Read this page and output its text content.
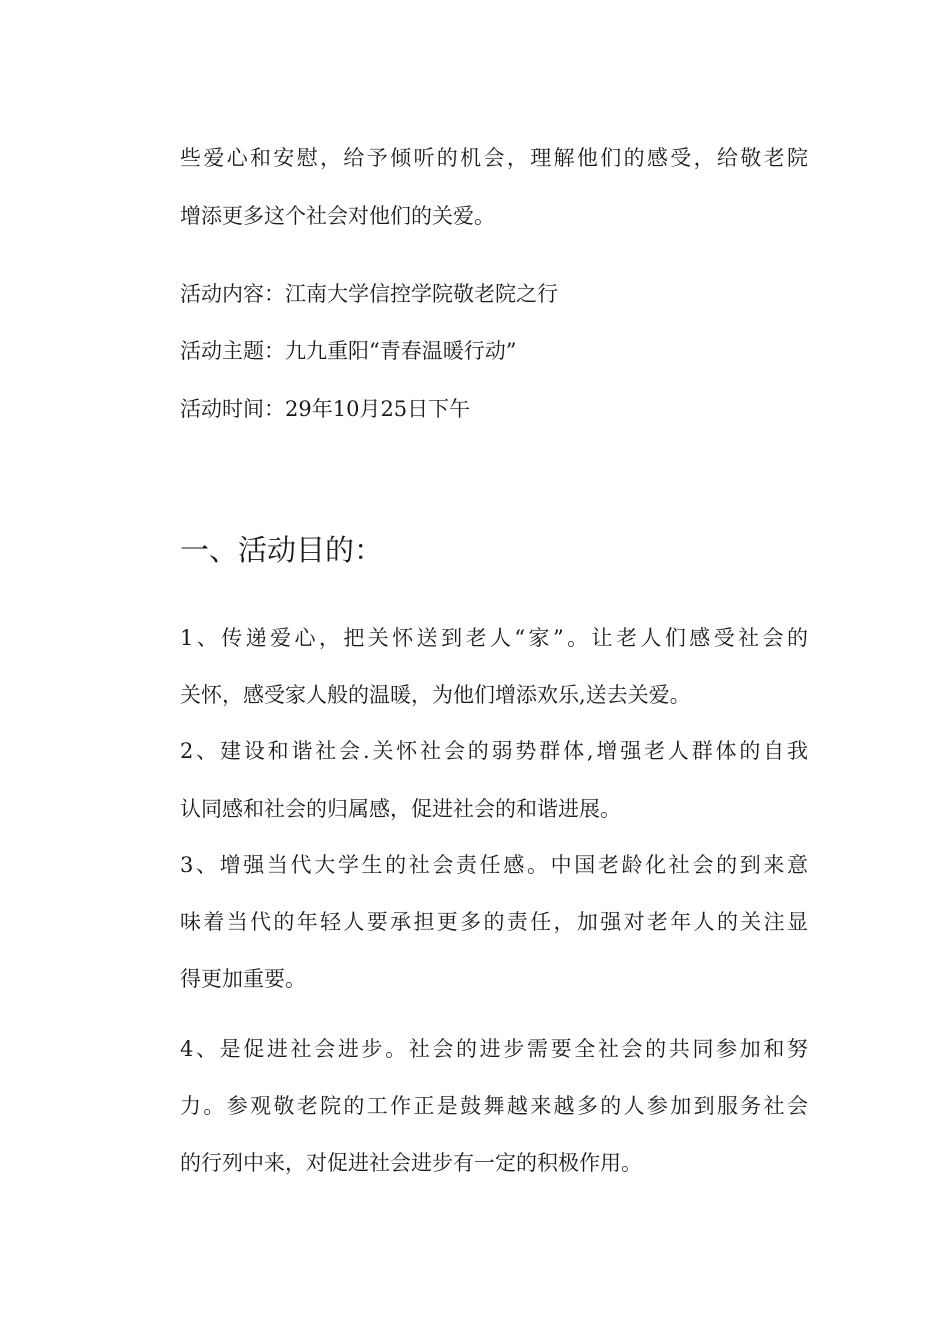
些爱心和安慰，给予倾听的机会，理解他们的感受，给敬老院
增添更多这个社会对他们的关爱。
活动内容：江南大学信控学院敬老院之行
活动主题：九九重阳“青春温暖行动”
活动时间：29年10月25日下午
一、活动目的：
1、传递爱心，把关怀送到老人“家”。让老人们感受社会的
关怀，感受家人般的温暖，为他们增添欢乐,送去关爱。
2、建设和谐社会.关怀社会的弱势群体,增强老人群体的自我
认同感和社会的归属感，促进社会的和谐进展。
3、增强当代大学生的社会责任感。中国老龄化社会的到来意
味着当代的年轻人要承担更多的责任，加强对老年人的关注显
得更加重要。
4、是促进社会进步。社会的进步需要全社会的共同参加和努
力。参观敬老院的工作正是鼓舞越来越多的人参加到服务社会
的行列中来，对促进社会进步有一定的积极作用。
